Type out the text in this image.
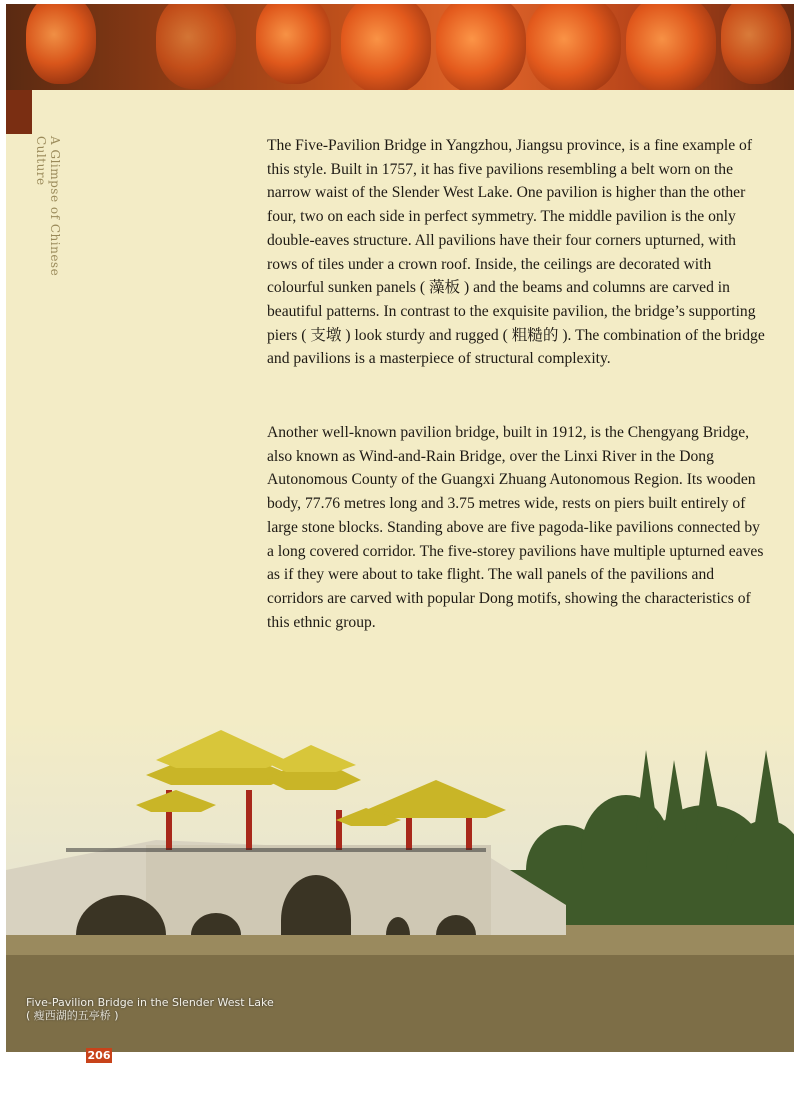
A Glimpse of Chinese Culture	The Five-Pavilion Bridge in Yangzhou, Jiangsu province, is a fine example of this style. Built in 1757, it has five pavilions resembling a belt worn on the narrow waist of the Slender West Lake. One pavilion is higher than the other four, two on each side in perfect symmetry. The middle pavilion is the only double-eaves structure. All pavilions have their four corners upturned, with rows of tiles under a crown roof. Inside, the ceilings are decorated with colourful sunken panels ( 藻板 ) and the beams and columns are carved in beautiful patterns. In contrast to the exquisite pavilion, the bridge’s supporting piers ( 支墩 ) look sturdy and rugged ( 粗糙的 ). The combination of the bridge and pavilions is a masterpiece of structural complexity.

Another well-known pavilion bridge, built in 1912, is the Chengyang Bridge, also known as Wind-and-Rain Bridge, over the Linxi River in the Dong Autonomous County of the Guangxi Zhuang Autonomous Region. Its wooden body, 77.76 metres long and 3.75 metres wide, rests on piers built entirely of large stone blocks. Standing above are five pagoda-like pavilions connected by a long covered corridor. The five-storey pavilions have multiple upturned eaves as if they were about to take flight. The wall panels of the pavilions and corridors are carved with popular Dong motifs, showing the characteristics of this ethnic group.

Five-Pavilion Bridge in the Slender West Lake
( 瘦西湖的五亭桥 )
206
